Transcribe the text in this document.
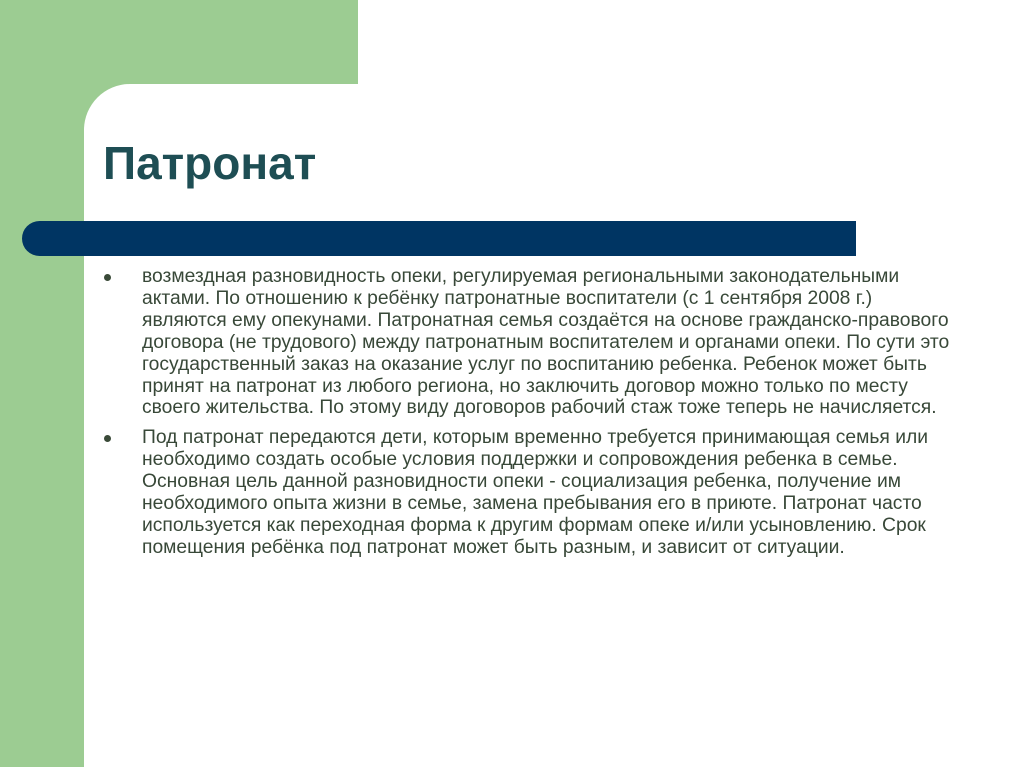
Патронат
возмездная разновидность опеки, регулируемая региональными законодательными актами. По отношению к ребёнку патронатные воспитатели (с 1 сентября 2008 г.) являются ему опекунами. Патронатная семья создаётся на основе гражданско-правового договора (не трудового) между патронатным воспитателем и органами опеки. По сути это государственный заказ на оказание услуг по воспитанию ребенка. Ребенок может быть принят на патронат из любого региона, но заключить договор можно только по месту своего жительства. По этому виду договоров рабочий стаж тоже теперь не начисляется.
Под патронат передаются дети, которым временно требуется принимающая семья или необходимо создать особые условия поддержки и сопровождения ребенка в семье. Основная цель данной разновидности опеки - социализация ребенка, получение им необходимого опыта жизни в семье, замена пребывания его в приюте. Патронат часто используется как переходная форма к другим формам опеке и/или усыновлению. Срок помещения ребёнка под патронат может быть разным, и зависит от ситуации.
